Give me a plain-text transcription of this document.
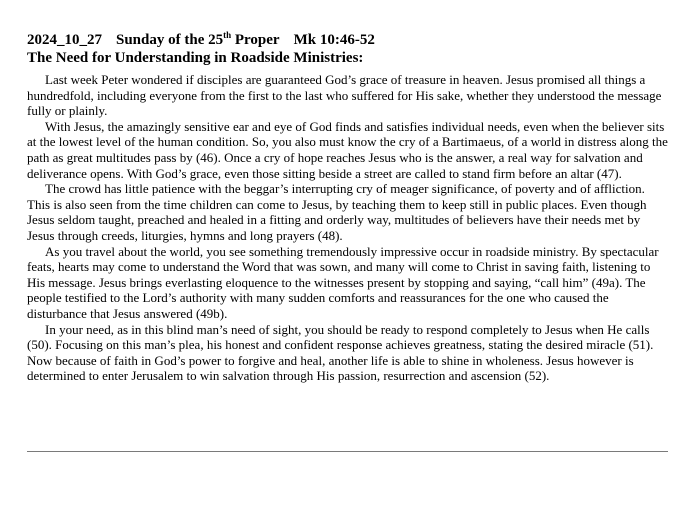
2024_10_27 Sunday of the 25th Proper Mk 10:46-52
The Need for Understanding in Roadside Ministries:

Last week Peter wondered if disciples are guaranteed God’s grace of treasure in heaven. Jesus promised all things a hundredfold, including everyone from the first to the last who suffered for His sake, whether they understood the message fully or plainly.

With Jesus, the amazingly sensitive ear and eye of God finds and satisfies individual needs, even when the believer sits at the lowest level of the human condition. So, you also must know the cry of a Bartimaeus, of a world in distress along the path as great multitudes pass by (46). Once a cry of hope reaches Jesus who is the answer, a real way for salvation and deliverance opens. With God’s grace, even those sitting beside a street are called to stand firm before an altar (47).

The crowd has little patience with the beggar’s interrupting cry of meager significance, of poverty and of affliction. This is also seen from the time children can come to Jesus, by teaching them to keep still in public places. Even though Jesus seldom taught, preached and healed in a fitting and orderly way, multitudes of believers have their needs met by Jesus through creeds, liturgies, hymns and long prayers (48).

As you travel about the world, you see something tremendously impressive occur in roadside ministry. By spectacular feats, hearts may come to understand the Word that was sown, and many will come to Christ in saving faith, listening to His message. Jesus brings everlasting eloquence to the witnesses present by stopping and saying, “call him” (49a). The people testified to the Lord’s authority with many sudden comforts and reassurances for the one who caused the disturbance that Jesus answered (49b).

In your need, as in this blind man’s need of sight, you should be ready to respond completely to Jesus when He calls (50). Focusing on this man’s plea, his honest and confident response achieves greatness, stating the desired miracle (51). Now because of faith in God’s power to forgive and heal, another life is able to shine in wholeness. Jesus however is determined to enter Jerusalem to win salvation through His passion, resurrection and ascension (52).
